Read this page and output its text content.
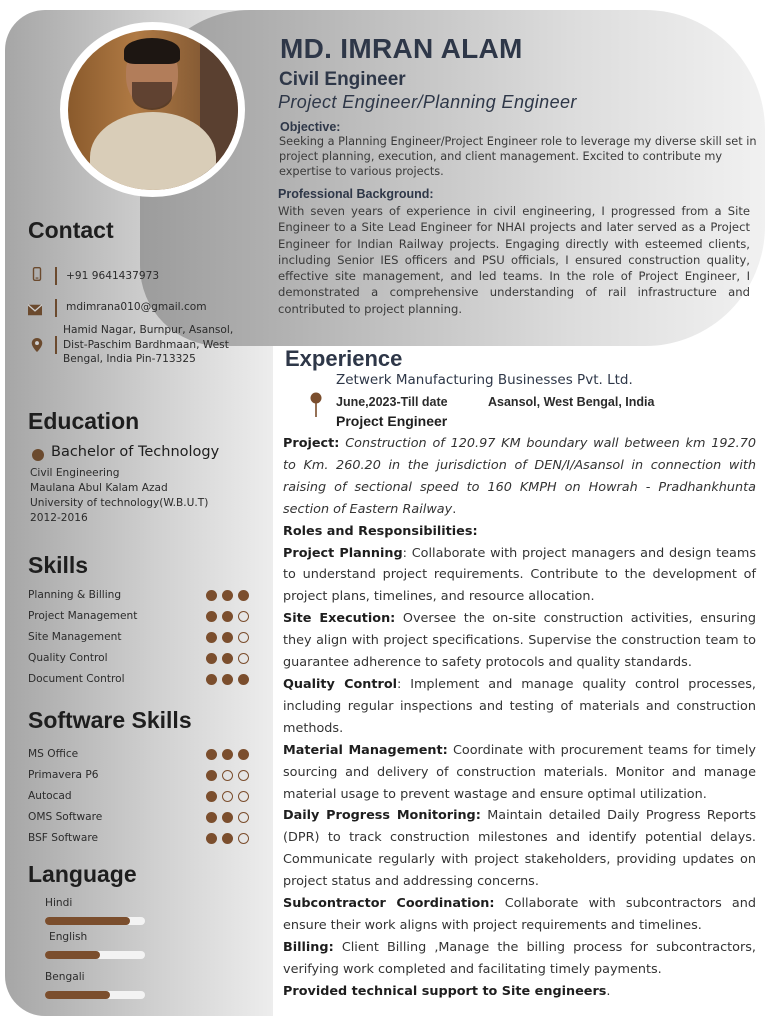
MD. IMRAN ALAM
Civil Engineer
Project Engineer/Planning Engineer
Objective:
Seeking a Planning Engineer/Project Engineer role to leverage my diverse skill set in project planning, execution, and client management. Excited to contribute my expertise to various projects.
Professional Background:
With seven years of experience in civil engineering, I progressed from a Site Engineer to a Site Lead Engineer for NHAI projects and later served as a Project Engineer for Indian Railway projects. Engaging directly with esteemed clients, including Senior IES officers and PSU officials, I ensured construction quality, effective site management, and led teams. In the role of Project Engineer, I demonstrated a comprehensive understanding of rail infrastructure and contributed to project planning.
Contact
+91 9641437973
mdimrana010@gmail.com
Hamid Nagar, Burnpur, Asansol, Dist-Paschim Bardhmaan, West Bengal, India Pin-713325
Education
Bachelor of Technology
Civil Engineering
Maulana Abul Kalam Azad
University of technology(W.B.U.T)
2012-2016
Skills
Planning & Billing
Project Management
Site Management
Quality Control
Document Control
Software Skills
MS Office
Primavera P6
Autocad
OMS Software
BSF Software
Language
Hindi
English
Bengali
Experience
Zetwerk Manufacturing Businesses Pvt. Ltd.
June,2023-Till date	Asansol, West Bengal, India
Project Engineer

Project: Construction of 120.97 KM boundary wall between km 192.70 to Km. 260.20 in the jurisdiction of DEN/I/Asansol in connection with raising of sectional speed to 160 KMPH on Howrah - Pradhankhunta section of Eastern Railway.

Roles and Responsibilities:

Project Planning: Collaborate with project managers and design teams to understand project requirements. Contribute to the development of project plans, timelines, and resource allocation.

Site Execution: Oversee the on-site construction activities, ensuring they align with project specifications. Supervise the construction team to guarantee adherence to safety protocols and quality standards.

Quality Control: Implement and manage quality control processes, including regular inspections and testing of materials and construction methods.

Material Management: Coordinate with procurement teams for timely sourcing and delivery of construction materials. Monitor and manage material usage to prevent wastage and ensure optimal utilization.

Daily Progress Monitoring: Maintain detailed Daily Progress Reports (DPR) to track construction milestones and identify potential delays. Communicate regularly with project stakeholders, providing updates on project status and addressing concerns.

Subcontractor Coordination: Collaborate with subcontractors and ensure their work aligns with project requirements and timelines.

Billing: Client Billing ,Manage the billing process for subcontractors, verifying work completed and facilitating timely payments.

Provided technical support to Site engineers.
